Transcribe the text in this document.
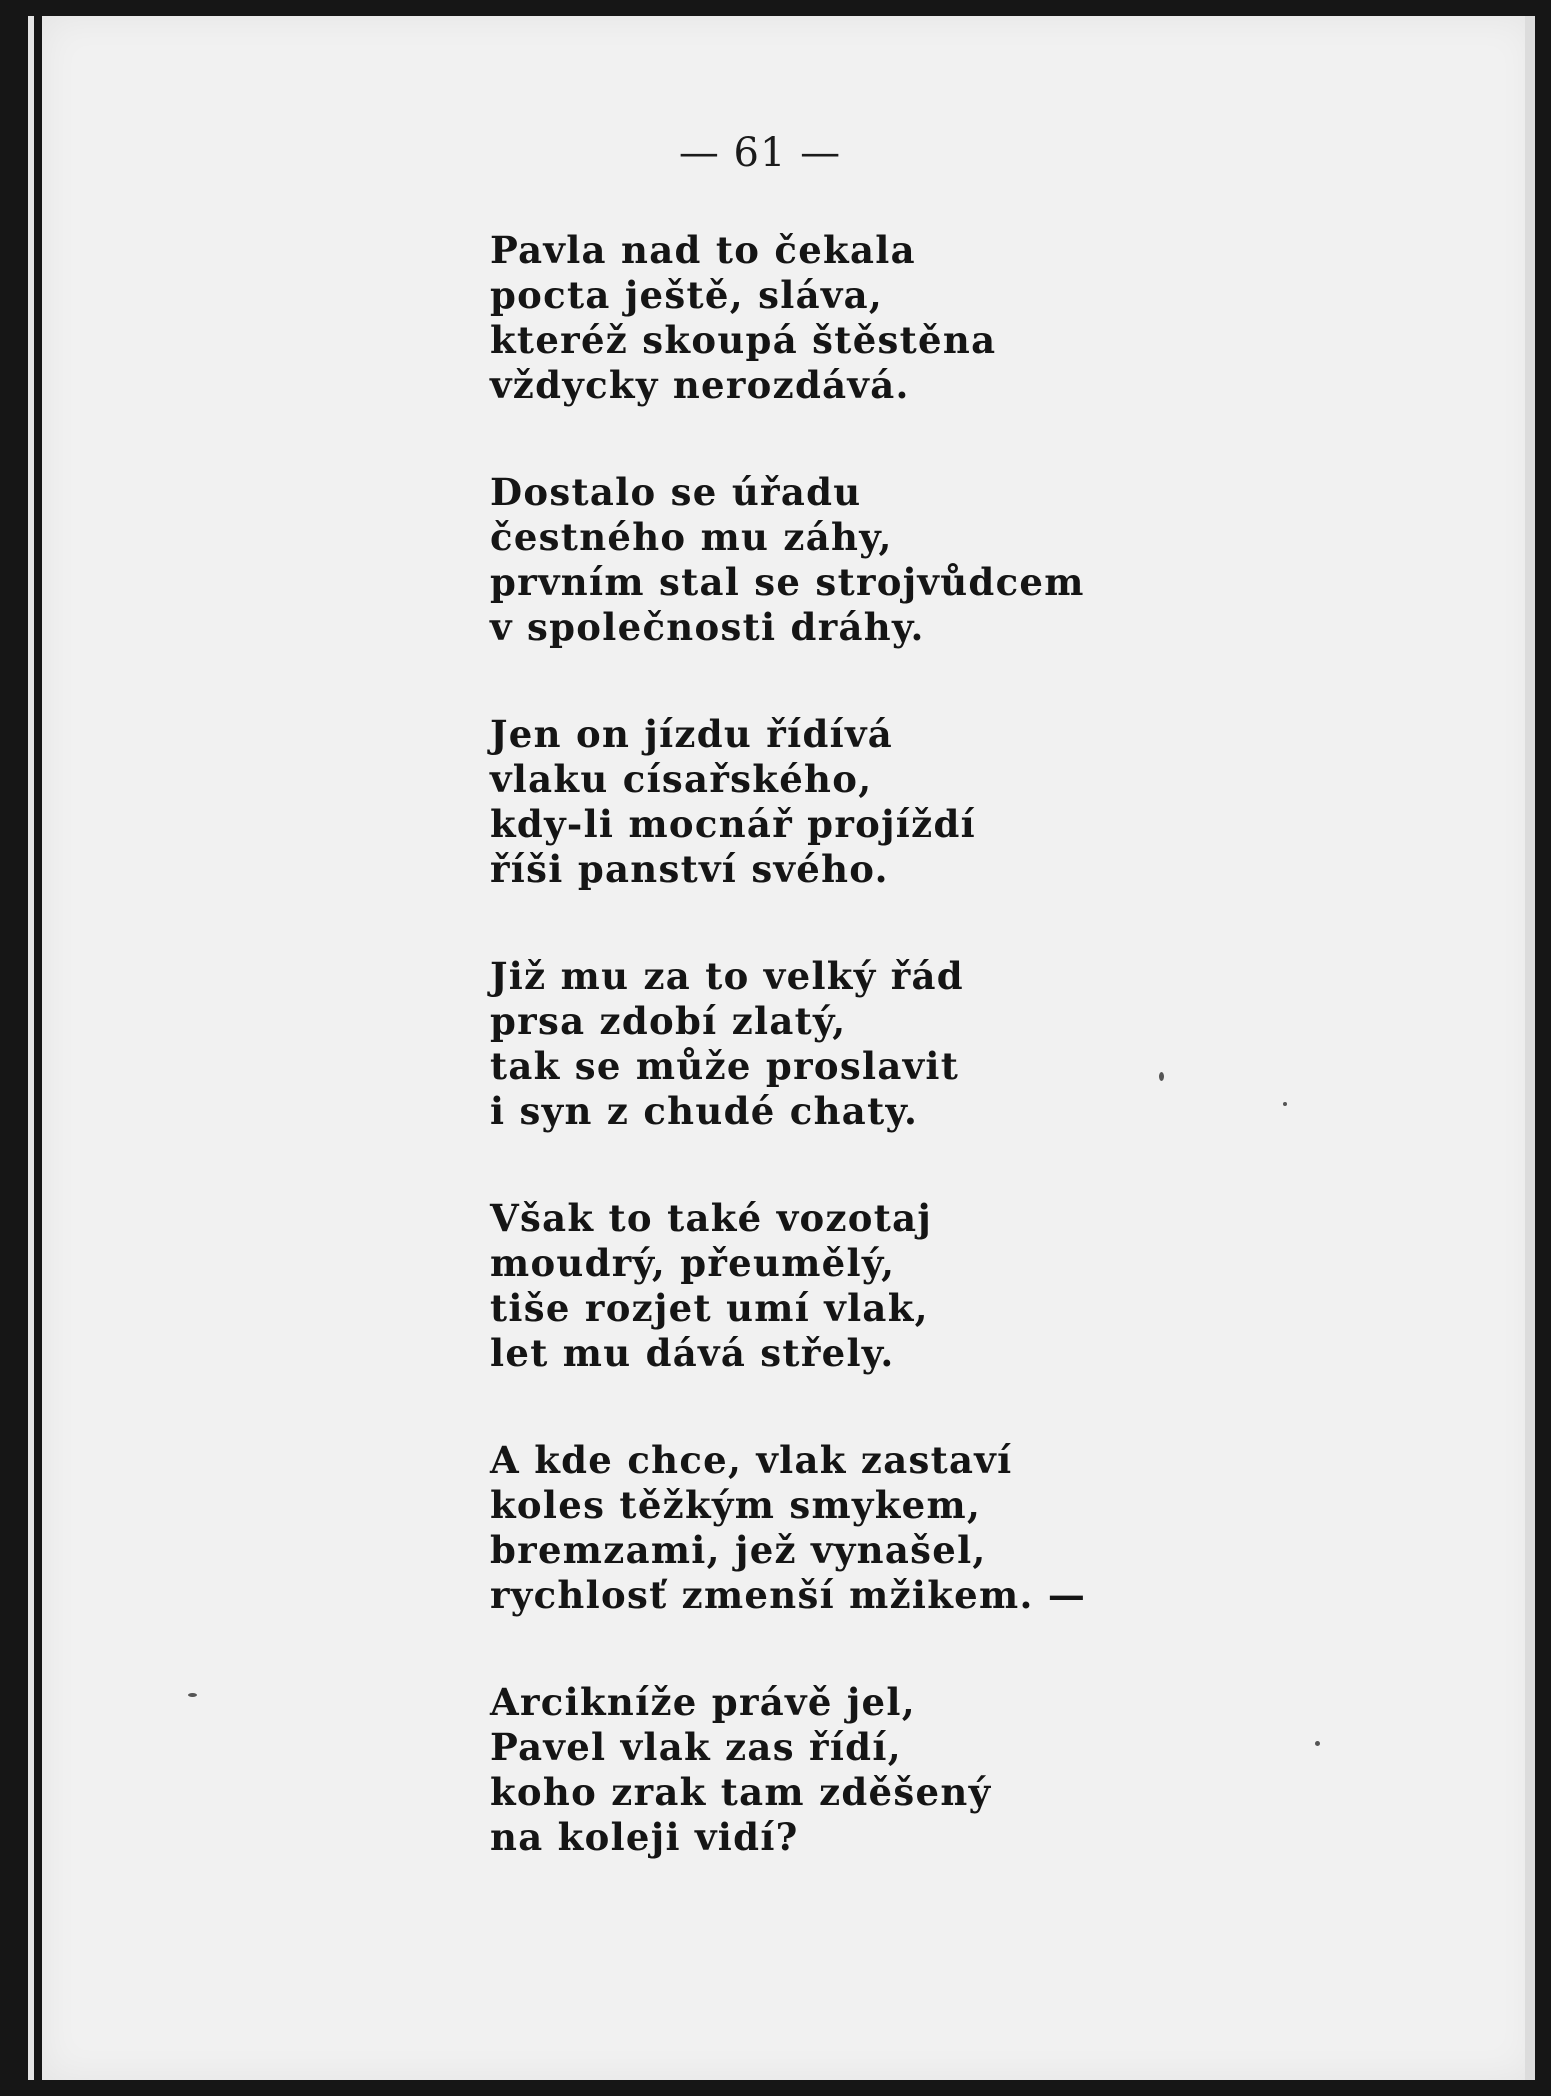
— 61 —
Pavla nad to čekala
pocta ještě, sláva,
kteréž skoupá štěstěna
vždycky nerozdává.
Dostalo se úřadu
čestného mu záhy,
prvním stal se strojvůdcem
v společnosti dráhy.
Jen on jízdu řídívá
vlaku císařského,
kdy-li mocnář projíždí
říši panství svého.
Již mu za to velký řád
prsa zdobí zlatý,
tak se může proslavit
i syn z chudé chaty.
Však to také vozotaj
moudrý, přeumělý,
tiše rozjet umí vlak,
let mu dává střely.
A kde chce, vlak zastaví
koles těžkým smykem,
bremzami, jež vynašel,
rychlosť zmenší mžikem. —
Arcikníže právě jel,
Pavel vlak zas řídí,
koho zrak tam zděšený
na koleji vidí?
